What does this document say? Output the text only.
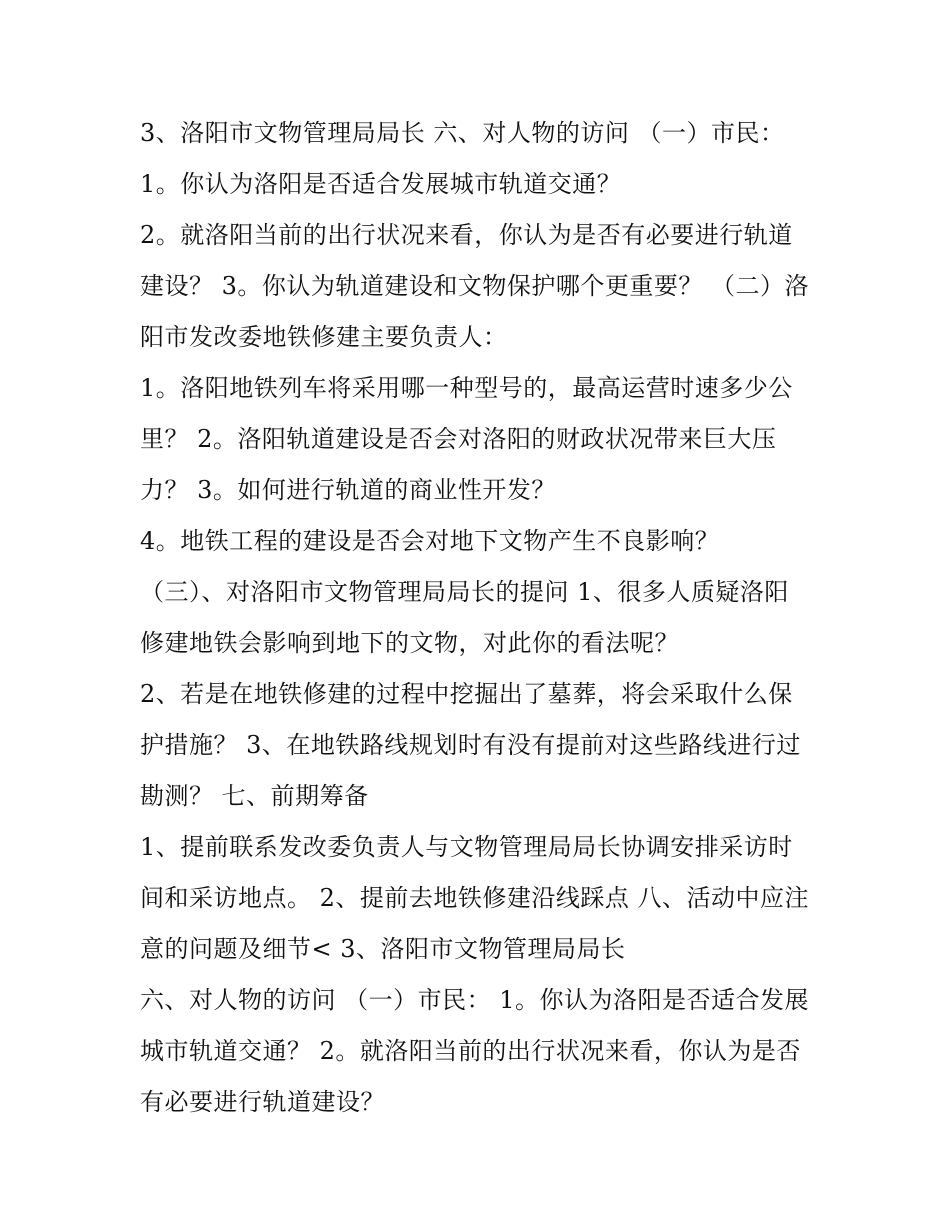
3、洛阳市文物管理局局长 六、对人物的访问 （一）市民：
1。你认为洛阳是否适合发展城市轨道交通？
2。就洛阳当前的出行状况来看，你认为是否有必要进行轨道
建设？ 3。你认为轨道建设和文物保护哪个更重要？ （二）洛
阳市发改委地铁修建主要负责人：
1。洛阳地铁列车将采用哪一种型号的，最高运营时速多少公
里？ 2。洛阳轨道建设是否会对洛阳的财政状况带来巨大压
力？ 3。如何进行轨道的商业性开发？
4。地铁工程的建设是否会对地下文物产生不良影响？
（三）、对洛阳市文物管理局局长的提问 1、很多人质疑洛阳
修建地铁会影响到地下的文物，对此你的看法呢？
2、若是在地铁修建的过程中挖掘出了墓葬，将会采取什么保
护措施？ 3、在地铁路线规划时有没有提前对这些路线进行过
勘测？ 七、前期筹备
1、提前联系发改委负责人与文物管理局局长协调安排采访时
间和采访地点。 2、提前去地铁修建沿线踩点 八、活动中应注
意的问题及细节< 3、洛阳市文物管理局局长
六、对人物的访问 （一）市民： 1。你认为洛阳是否适合发展
城市轨道交通？ 2。就洛阳当前的出行状况来看，你认为是否
有必要进行轨道建设？
